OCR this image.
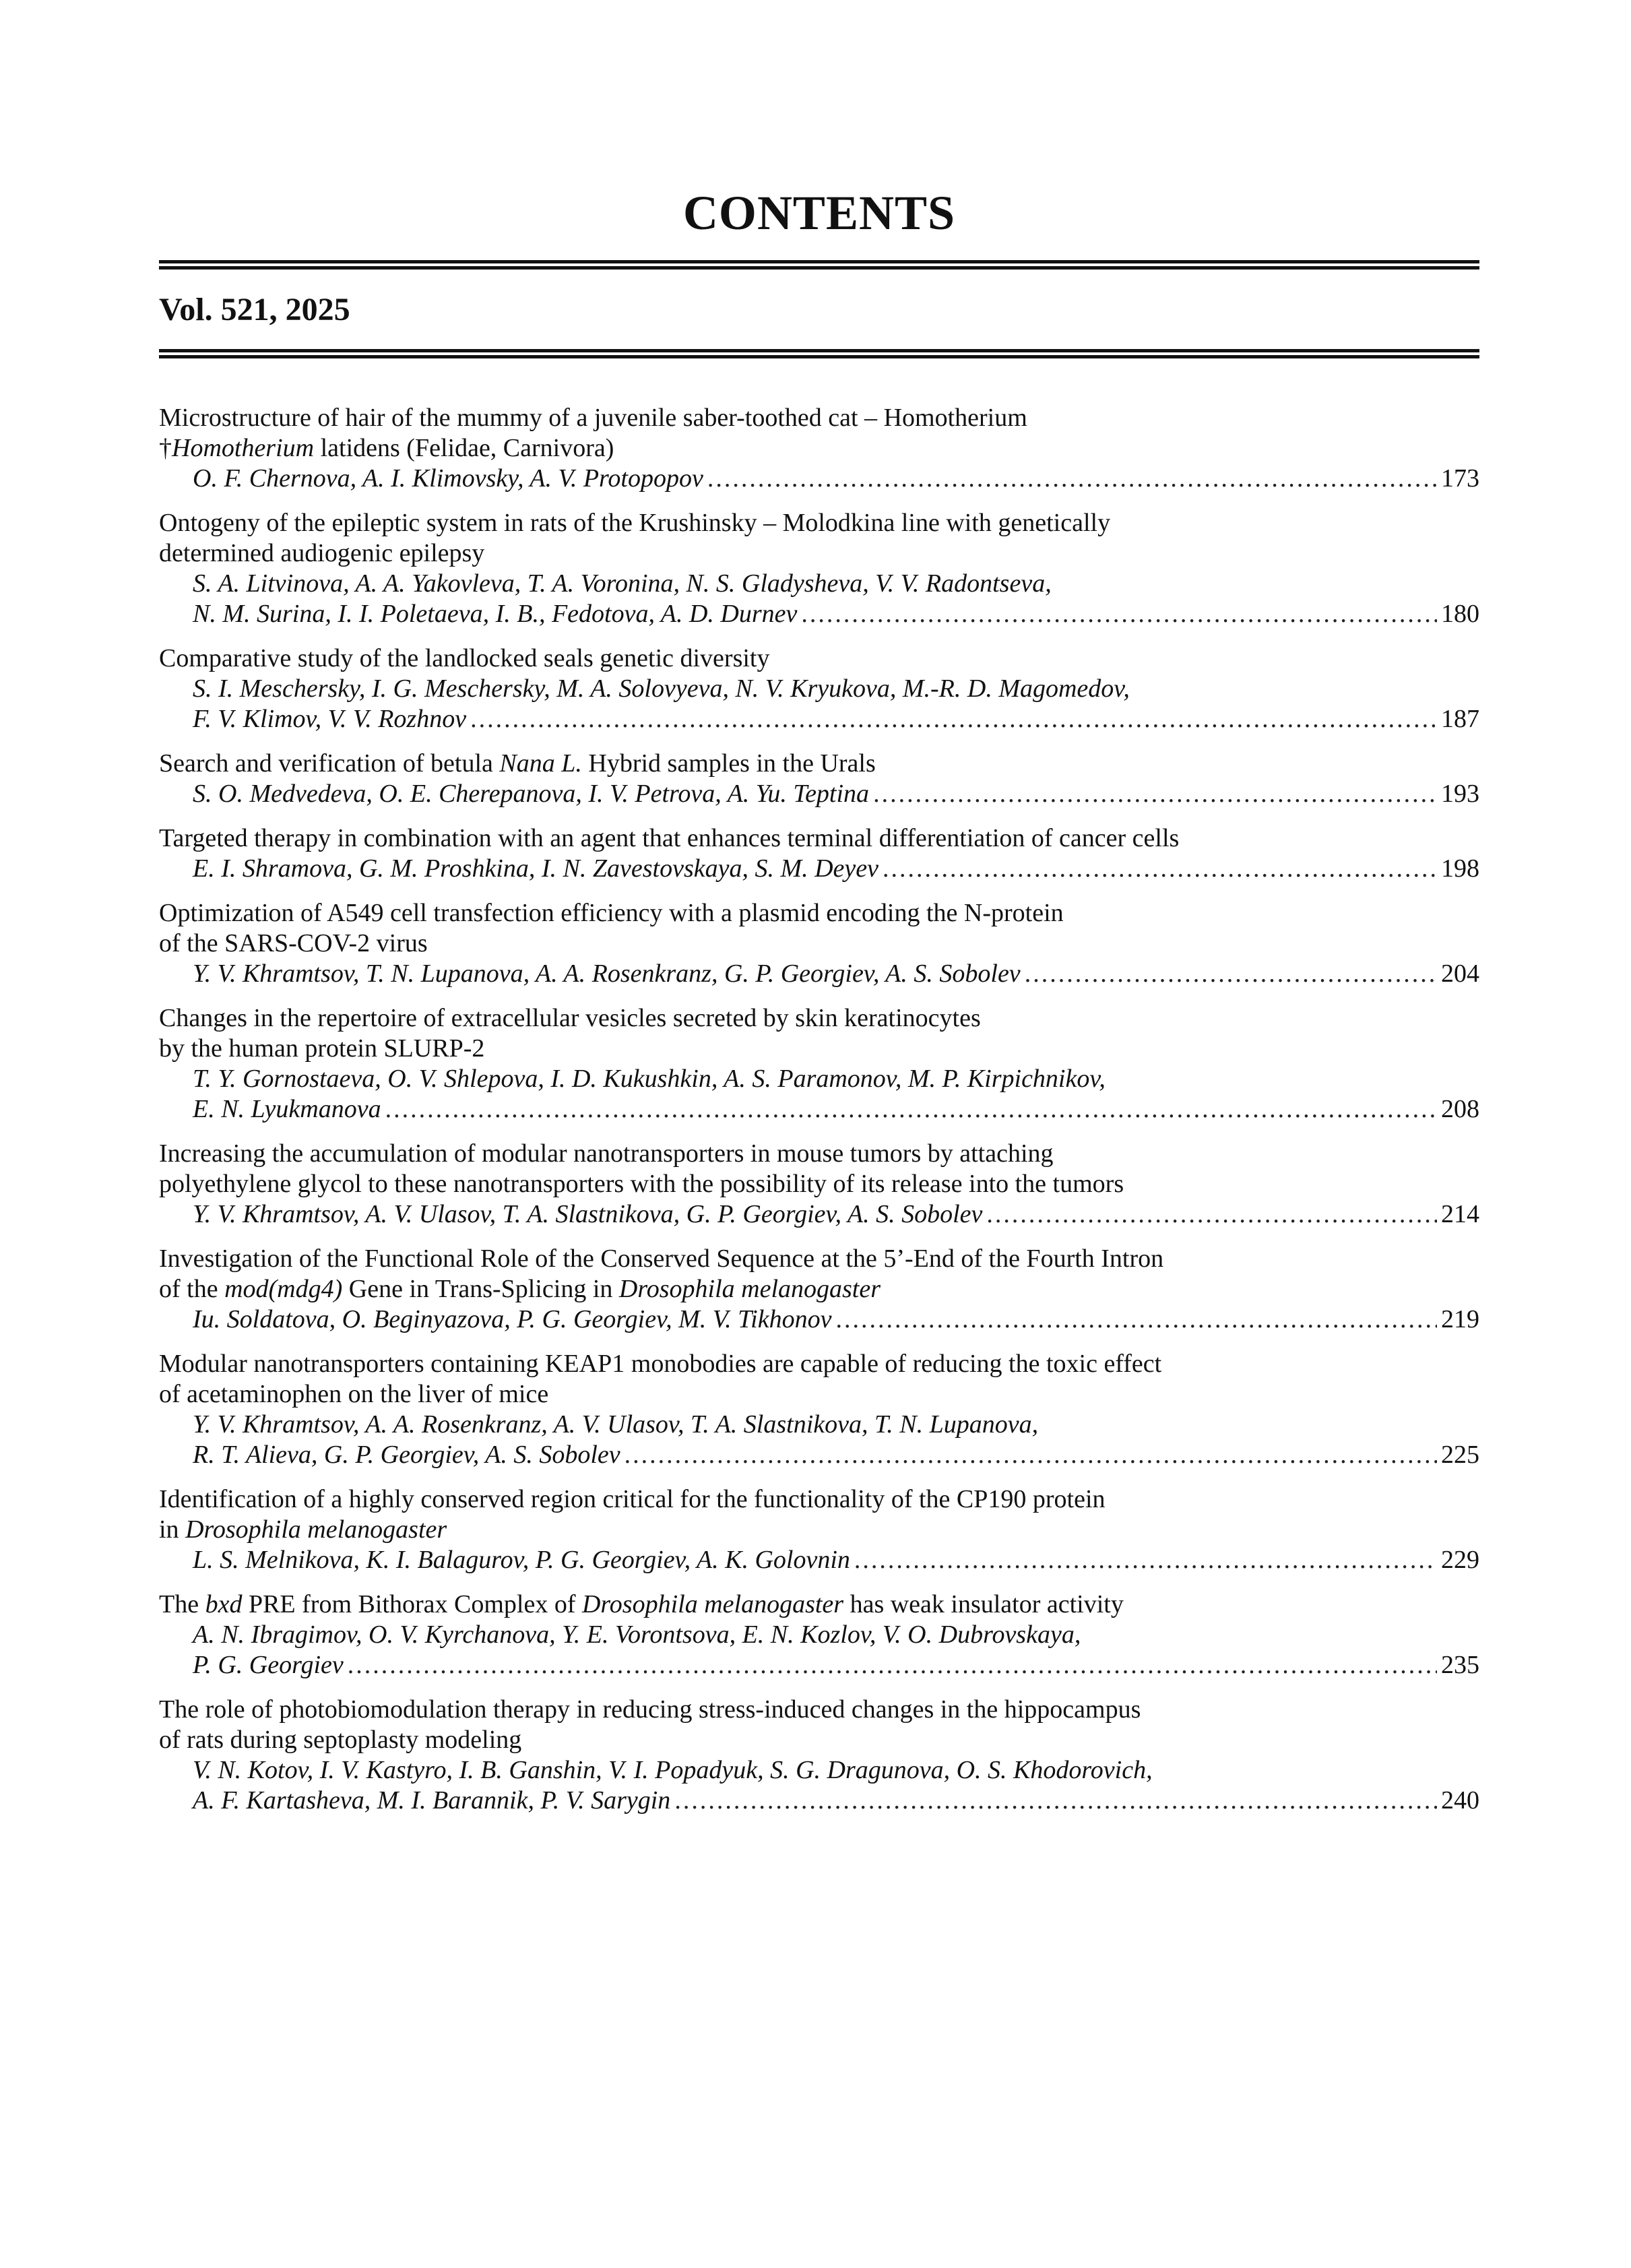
CONTENTS
Vol. 521, 2025
Microstructure of hair of the mummy of a juvenile saber-toothed cat – Homotherium
†Homotherium latidens (Felidae, Carnivora)
O. F. Chernova, A. I. Klimovsky, A. V. Protopopov .....	173
Ontogeny of the epileptic system in rats of the Krushinsky – Molodkina line with genetically
determined audiogenic epilepsy
S. A. Litvinova, A. A. Yakovleva, T. A. Voronina, N. S. Gladysheva, V. V. Radontseva,
N. M. Surina, I. I. Poletaeva, I. B., Fedotova, A. D. Durnev .....	180
Comparative study of the landlocked seals genetic diversity
S. I. Meschersky, I. G. Meschersky, M. A. Solovyeva, N. V. Kryukova, M.-R. D. Magomedov,
F. V. Klimov, V. V. Rozhnov .....	187
Search and verification of betula Nana L. Hybrid samples in the Urals
S. O. Medvedeva, O. E. Cherepanova, I. V. Petrova, A. Yu. Teptina .....	193
Targeted therapy in combination with an agent that enhances terminal differentiation of cancer cells
E. I. Shramova, G. M. Proshkina, I. N. Zavestovskaya, S. M. Deyev .....	198
Optimization of A549 cell transfection efficiency with a plasmid encoding the N-protein
of the SARS-COV-2 virus
Y. V. Khramtsov, T. N. Lupanova, A. A. Rosenkranz, G. P. Georgiev, A. S. Sobolev .....	204
Changes in the repertoire of extracellular vesicles secreted by skin keratinocytes
by the human protein SLURP-2
T. Y. Gornostaeva, O. V. Shlepova, I. D. Kukushkin, A. S. Paramonov, M. P. Kirpichnikov,
E. N. Lyukmanova .....	208
Increasing the accumulation of modular nanotransporters in mouse tumors by attaching
polyethylene glycol to these nanotransporters with the possibility of its release into the tumors
Y. V. Khramtsov, A. V. Ulasov, T. A. Slastnikova, G. P. Georgiev, A. S. Sobolev .....	214
Investigation of the Functional Role of the Conserved Sequence at the 5’-End of the Fourth Intron
of the mod(mdg4) Gene in Trans-Splicing in Drosophila melanogaster
Iu. Soldatova, O. Beginyazova, P. G. Georgiev, M. V. Tikhonov .....	219
Modular nanotransporters containing KEAP1 monobodies are capable of reducing the toxic effect
of acetaminophen on the liver of mice
Y. V. Khramtsov, A. A. Rosenkranz, A. V. Ulasov, T. A. Slastnikova, T. N. Lupanova,
R. T. Alieva, G. P. Georgiev, A. S. Sobolev .....	225
Identification of a highly conserved region critical for the functionality of the CP190 protein
in Drosophila melanogaster
L. S. Melnikova, K. I. Balagurov, P. G. Georgiev, A. K. Golovnin .....	229
The bxd PRE from Bithorax Complex of Drosophila melanogaster has weak insulator activity
A. N. Ibragimov, O. V. Kyrchanova, Y. E. Vorontsova, E. N. Kozlov, V. O. Dubrovskaya,
P. G. Georgiev .....	235
The role of photobiomodulation therapy in reducing stress-induced changes in the hippocampus
of rats during septoplasty modeling
V. N. Kotov, I. V. Kastyro, I. B. Ganshin, V. I. Popadyuk, S. G. Dragunova, O. S. Khodorovich,
A. F. Kartasheva, M. I. Barannik, P. V. Sarygin .....	240
